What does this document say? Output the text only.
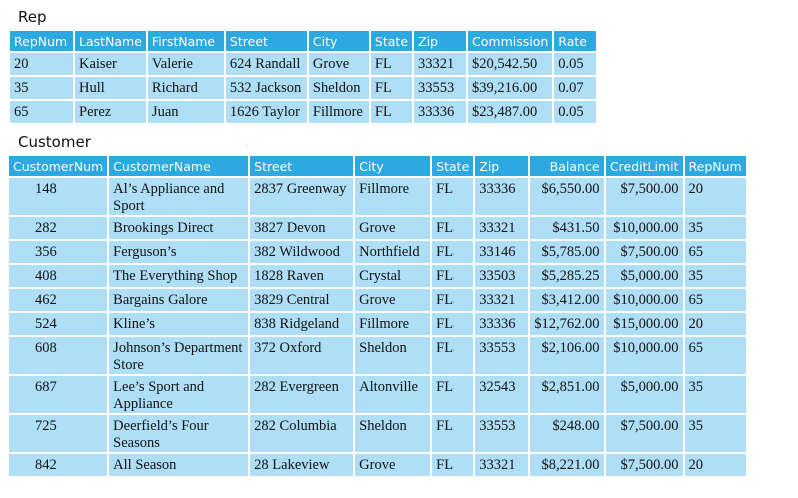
Rep
RepNum	LastName	FirstName	Street	City	State	Zip	Commission	Rate
20	Kaiser	Valerie	624 Randall	Grove	FL	33321	$20,542.50	0.05
35	Hull	Richard	532 Jackson	Sheldon	FL	33553	$39,216.00	0.07
65	Perez	Juan	1626 Taylor	Fillmore	FL	33336	$23,487.00	0.05
Customer
CustomerNum	CustomerName	Street	City	State	Zip	Balance	CreditLimit	RepNum
148	Al’s Appliance and Sport	2837 Greenway	Fillmore	FL	33336	$6,550.00	$7,500.00	20
282	Brookings Direct	3827 Devon	Grove	FL	33321	$431.50	$10,000.00	35
356	Ferguson’s	382 Wildwood	Northfield	FL	33146	$5,785.00	$7,500.00	65
408	The Everything Shop	1828 Raven	Crystal	FL	33503	$5,285.25	$5,000.00	35
462	Bargains Galore	3829 Central	Grove	FL	33321	$3,412.00	$10,000.00	65
524	Kline’s	838 Ridgeland	Fillmore	FL	33336	$12,762.00	$15,000.00	20
608	Johnson’s Department Store	372 Oxford	Sheldon	FL	33553	$2,106.00	$10,000.00	65
687	Lee’s Sport and Appliance	282 Evergreen	Altonville	FL	32543	$2,851.00	$5,000.00	35
725	Deerfield’s Four Seasons	282 Columbia	Sheldon	FL	33553	$248.00	$7,500.00	35
842	All Season	28 Lakeview	Grove	FL	33321	$8,221.00	$7,500.00	20
